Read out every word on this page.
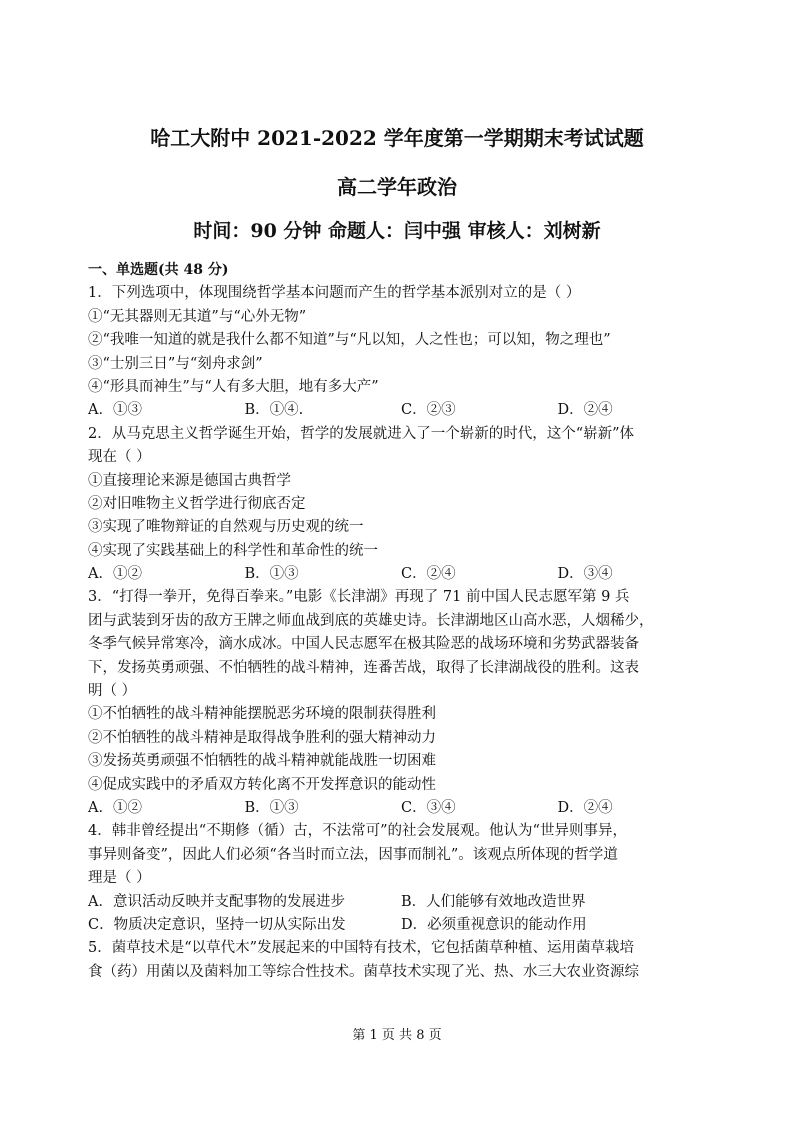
哈工大附中 2021-2022 学年度第一学期期末考试试题
高二学年政治
时间：90 分钟 命题人：闫中强 审核人：刘树新
一、单选题(共 48 分)
1．下列选项中，体现围绕哲学基本问题而产生的哲学基本派别对立的是（ ）
①“无其器则无其道”与“心外无物”
②“我唯一知道的就是我什么都不知道”与“凡以知，人之性也；可以知，物之理也”
③“士别三日”与“刻舟求剑”
④“形具而神生”与“人有多大胆，地有多大产”
A．①③	B．①④.	C．②③	D．②④
2．从马克思主义哲学诞生开始，哲学的发展就进入了一个崭新的时代，这个“崭新”体
现在（ ）
①直接理论来源是德国古典哲学
②对旧唯物主义哲学进行彻底否定
③实现了唯物辩证的自然观与历史观的统一
④实现了实践基础上的科学性和革命性的统一
A．①②	B．①③	C．②④	D．③④
3．“打得一拳开，免得百拳来。”电影《长津湖》再现了 71 前中国人民志愿军第 9 兵
团与武装到牙齿的敌方王牌之师血战到底的英雄史诗。长津湖地区山高水恶，人烟稀少，
冬季气候异常寒冷，滴水成冰。中国人民志愿军在极其险恶的战场环境和劣势武器装备
下，发扬英勇顽强、不怕牺牲的战斗精神，连番苦战，取得了长津湖战役的胜利。这表
明（ ）
①不怕牺牲的战斗精神能摆脱恶劣环境的限制获得胜利
②不怕牺牲的战斗精神是取得战争胜利的强大精神动力
③发扬英勇顽强不怕牺牲的战斗精神就能战胜一切困难
④促成实践中的矛盾双方转化离不开发挥意识的能动性
A．①②	B．①③	C．③④	D．②④
4．韩非曾经提出“不期修（循）古，不法常可”的社会发展观。他认为“世异则事异，
事异则备变”，因此人们必须“各当时而立法，因事而制礼”。该观点所体现的哲学道
理是（ ）
A．意识活动反映并支配事物的发展进步	B．人们能够有效地改造世界
C．物质决定意识，坚持一切从实际出发	D．必须重视意识的能动作用
5．菌草技术是“以草代木”发展起来的中国特有技术，它包括菌草种植、运用菌草栽培
食（药）用菌以及菌料加工等综合性技术。菌草技术实现了光、热、水三大农业资源综
第 1 页 共 8 页
